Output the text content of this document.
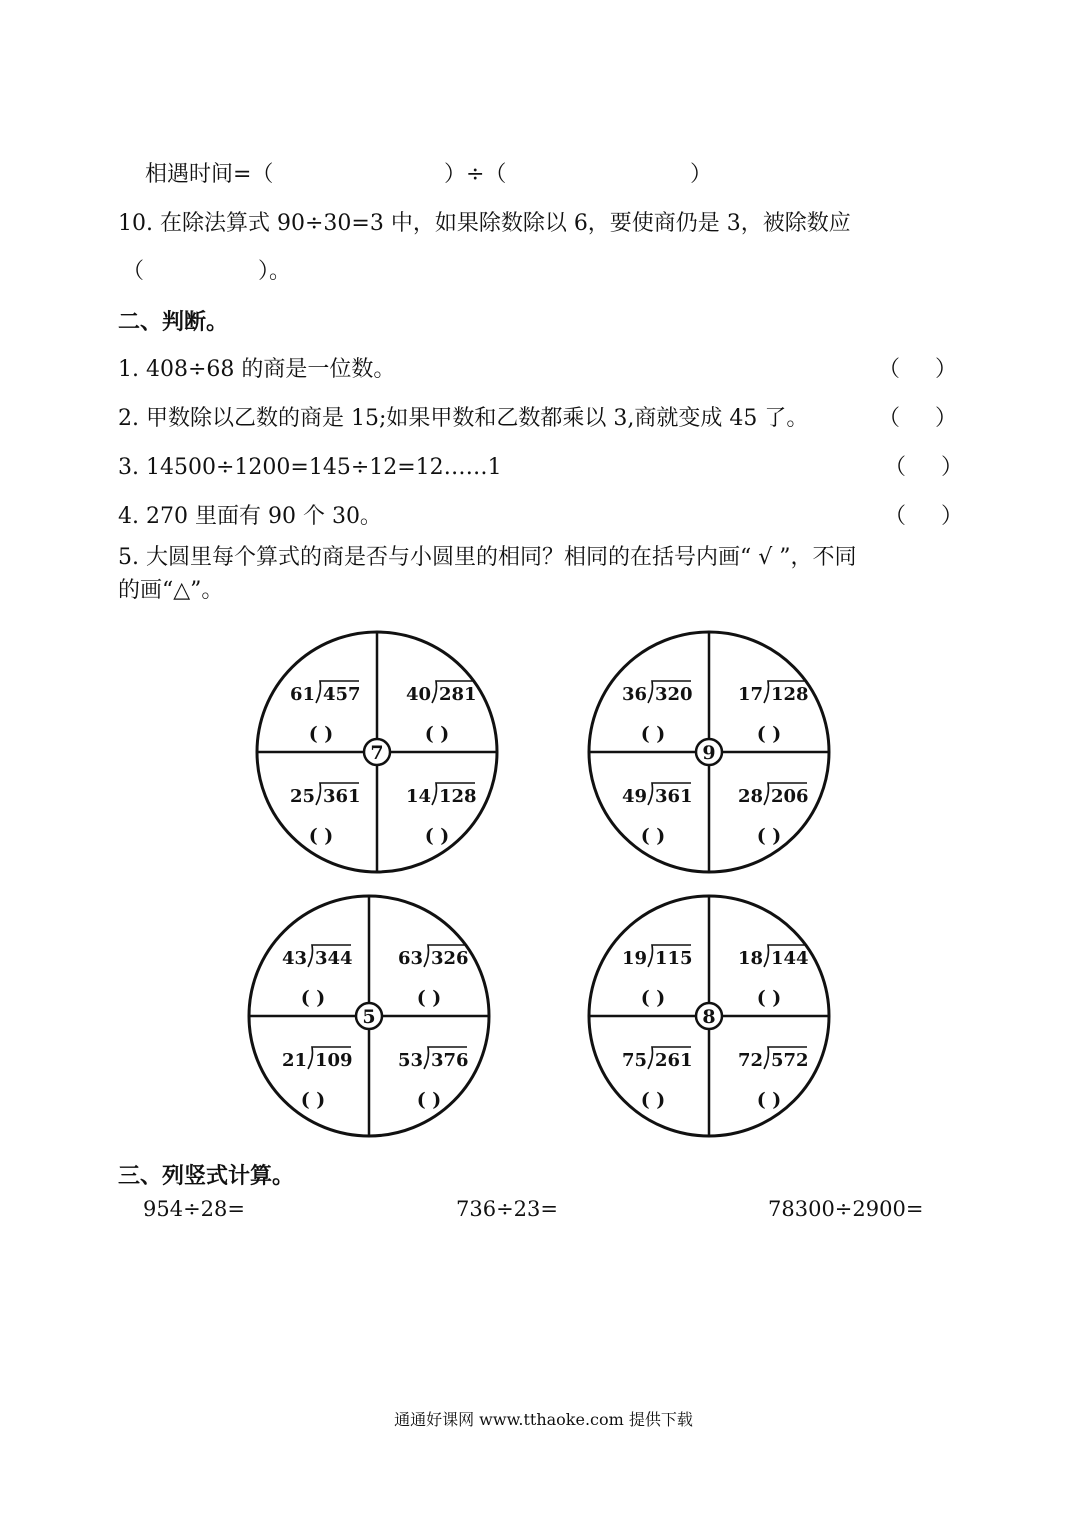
相遇时间=（	）÷（	）
10. 在除法算式 90÷30=3 中，如果除数除以 6，要使商仍是 3，被除数应
（	）。
二、判断。
1. 408÷68 的商是一位数。	（     ）
2. 甲数除以乙数的商是 15;如果甲数和乙数都乘以 3,商就变成 45 了。	（     ）
3. 14500÷1200=145÷12=12……1	（     ）
4. 270 里面有 90 个 30。	（     ）
5. 大圆里每个算式的商是否与小圆里的相同？相同的在括号内画“ √ ”，不同
的画“△”。
7
61 457
( )
40 281
( )
25 361
( )
14 128
( )
9
36 320
( )
17 128
( )
49 361
( )
28 206
( )
5
43 344
( )
63 326
( )
21 109
( )
53 376
( )
8
19 115
( )
18 144
( )
75 261
( )
72 572
( )
三、列竖式计算。
954÷28=	736÷23=	78300÷2900=
通通好课网 www.tthaoke.com 提供下载
